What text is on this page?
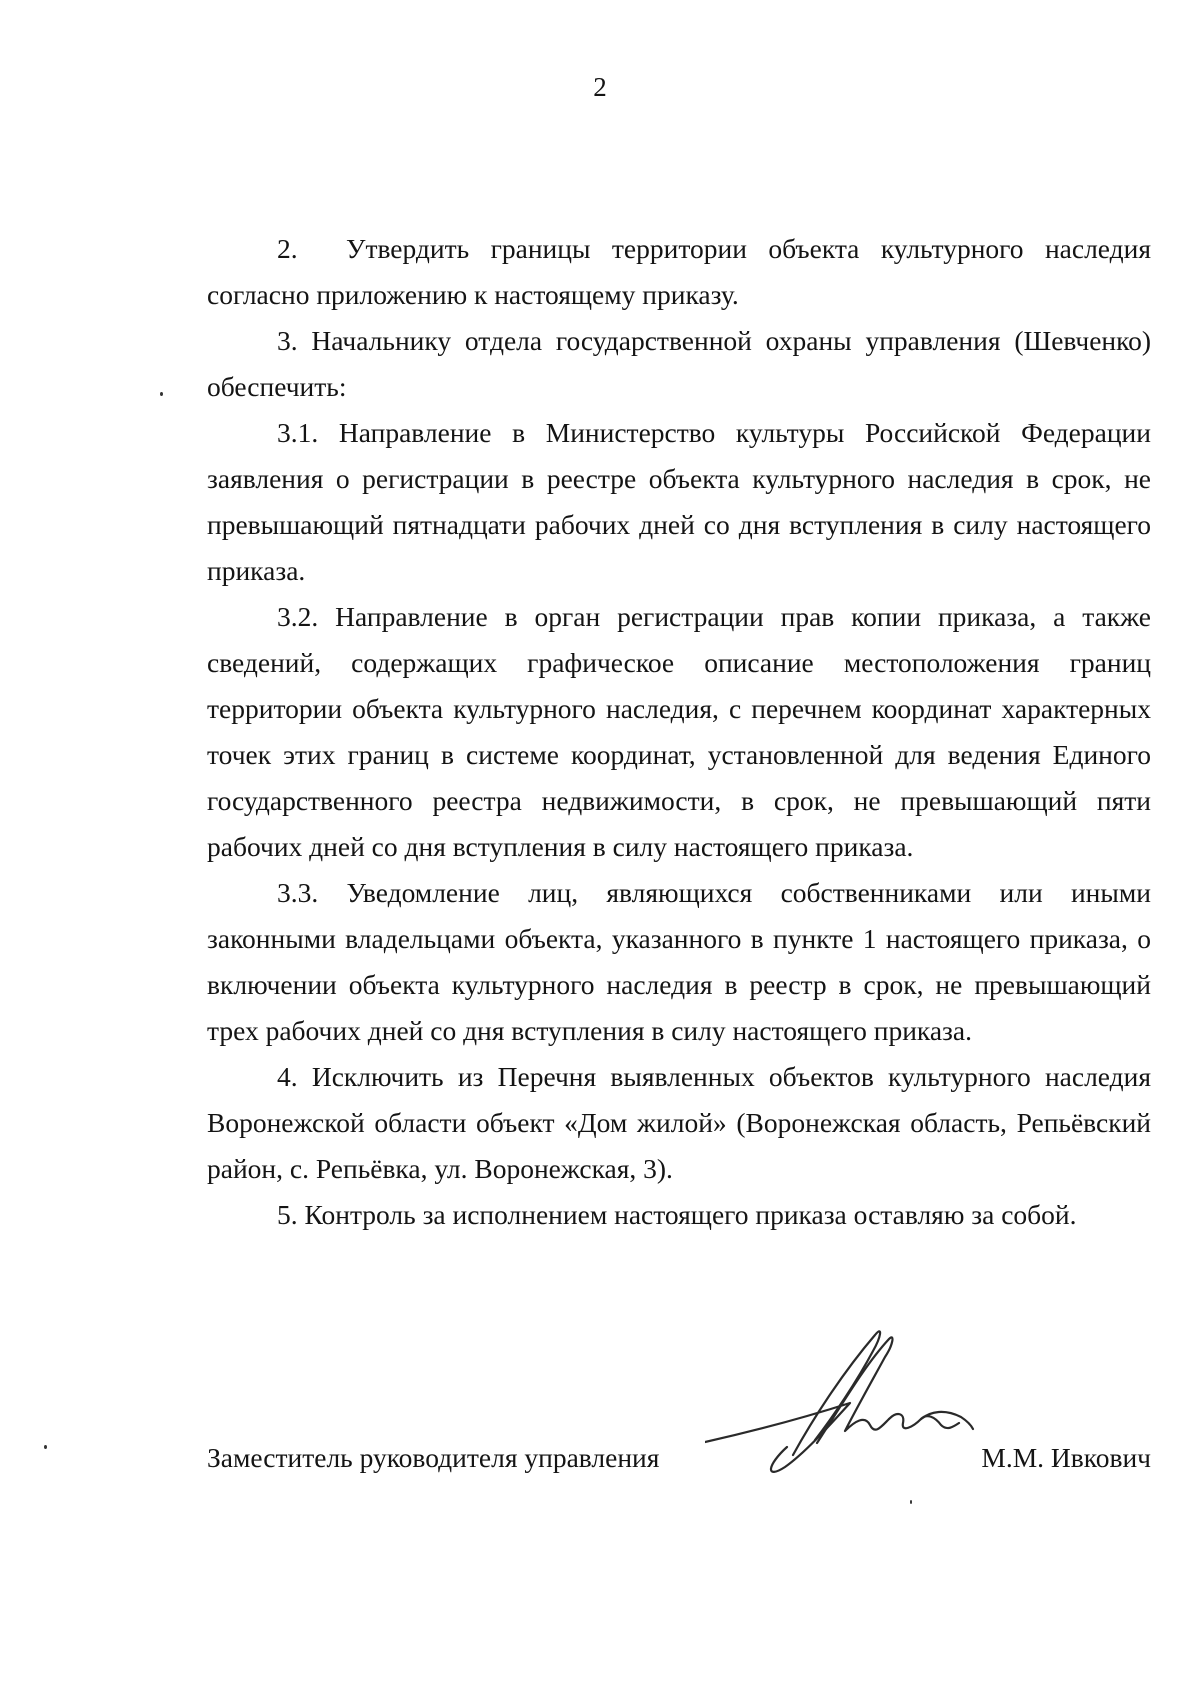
2

2. Утвердить границы территории объекта культурного наследия согласно приложению к настоящему приказу.

3. Начальнику отдела государственной охраны управления (Шевченко) обеспечить:

3.1. Направление в Министерство культуры Российской Федерации заявления о регистрации в реестре объекта культурного наследия в срок, не превышающий пятнадцати рабочих дней со дня вступления в силу настоящего приказа.

3.2. Направление в орган регистрации прав копии приказа, а также сведений, содержащих графическое описание местоположения границ территории объекта культурного наследия, с перечнем координат характерных точек этих границ в системе координат, установленной для ведения Единого государственного реестра недвижимости, в срок, не превышающий пяти рабочих дней со дня вступления в силу настоящего приказа.

3.3. Уведомление лиц, являющихся собственниками или иными законными владельцами объекта, указанного в пункте 1 настоящего приказа, о включении объекта культурного наследия в реестр в срок, не превышающий трех рабочих дней со дня вступления в силу настоящего приказа.

4. Исключить из Перечня выявленных объектов культурного наследия Воронежской области объект «Дом жилой» (Воронежская область, Репьёвский район, с. Репьёвка, ул. Воронежская, 3).

5. Контроль за исполнением настоящего приказа оставляю за собой.

Заместитель руководителя управления	М.М. Ивкович
